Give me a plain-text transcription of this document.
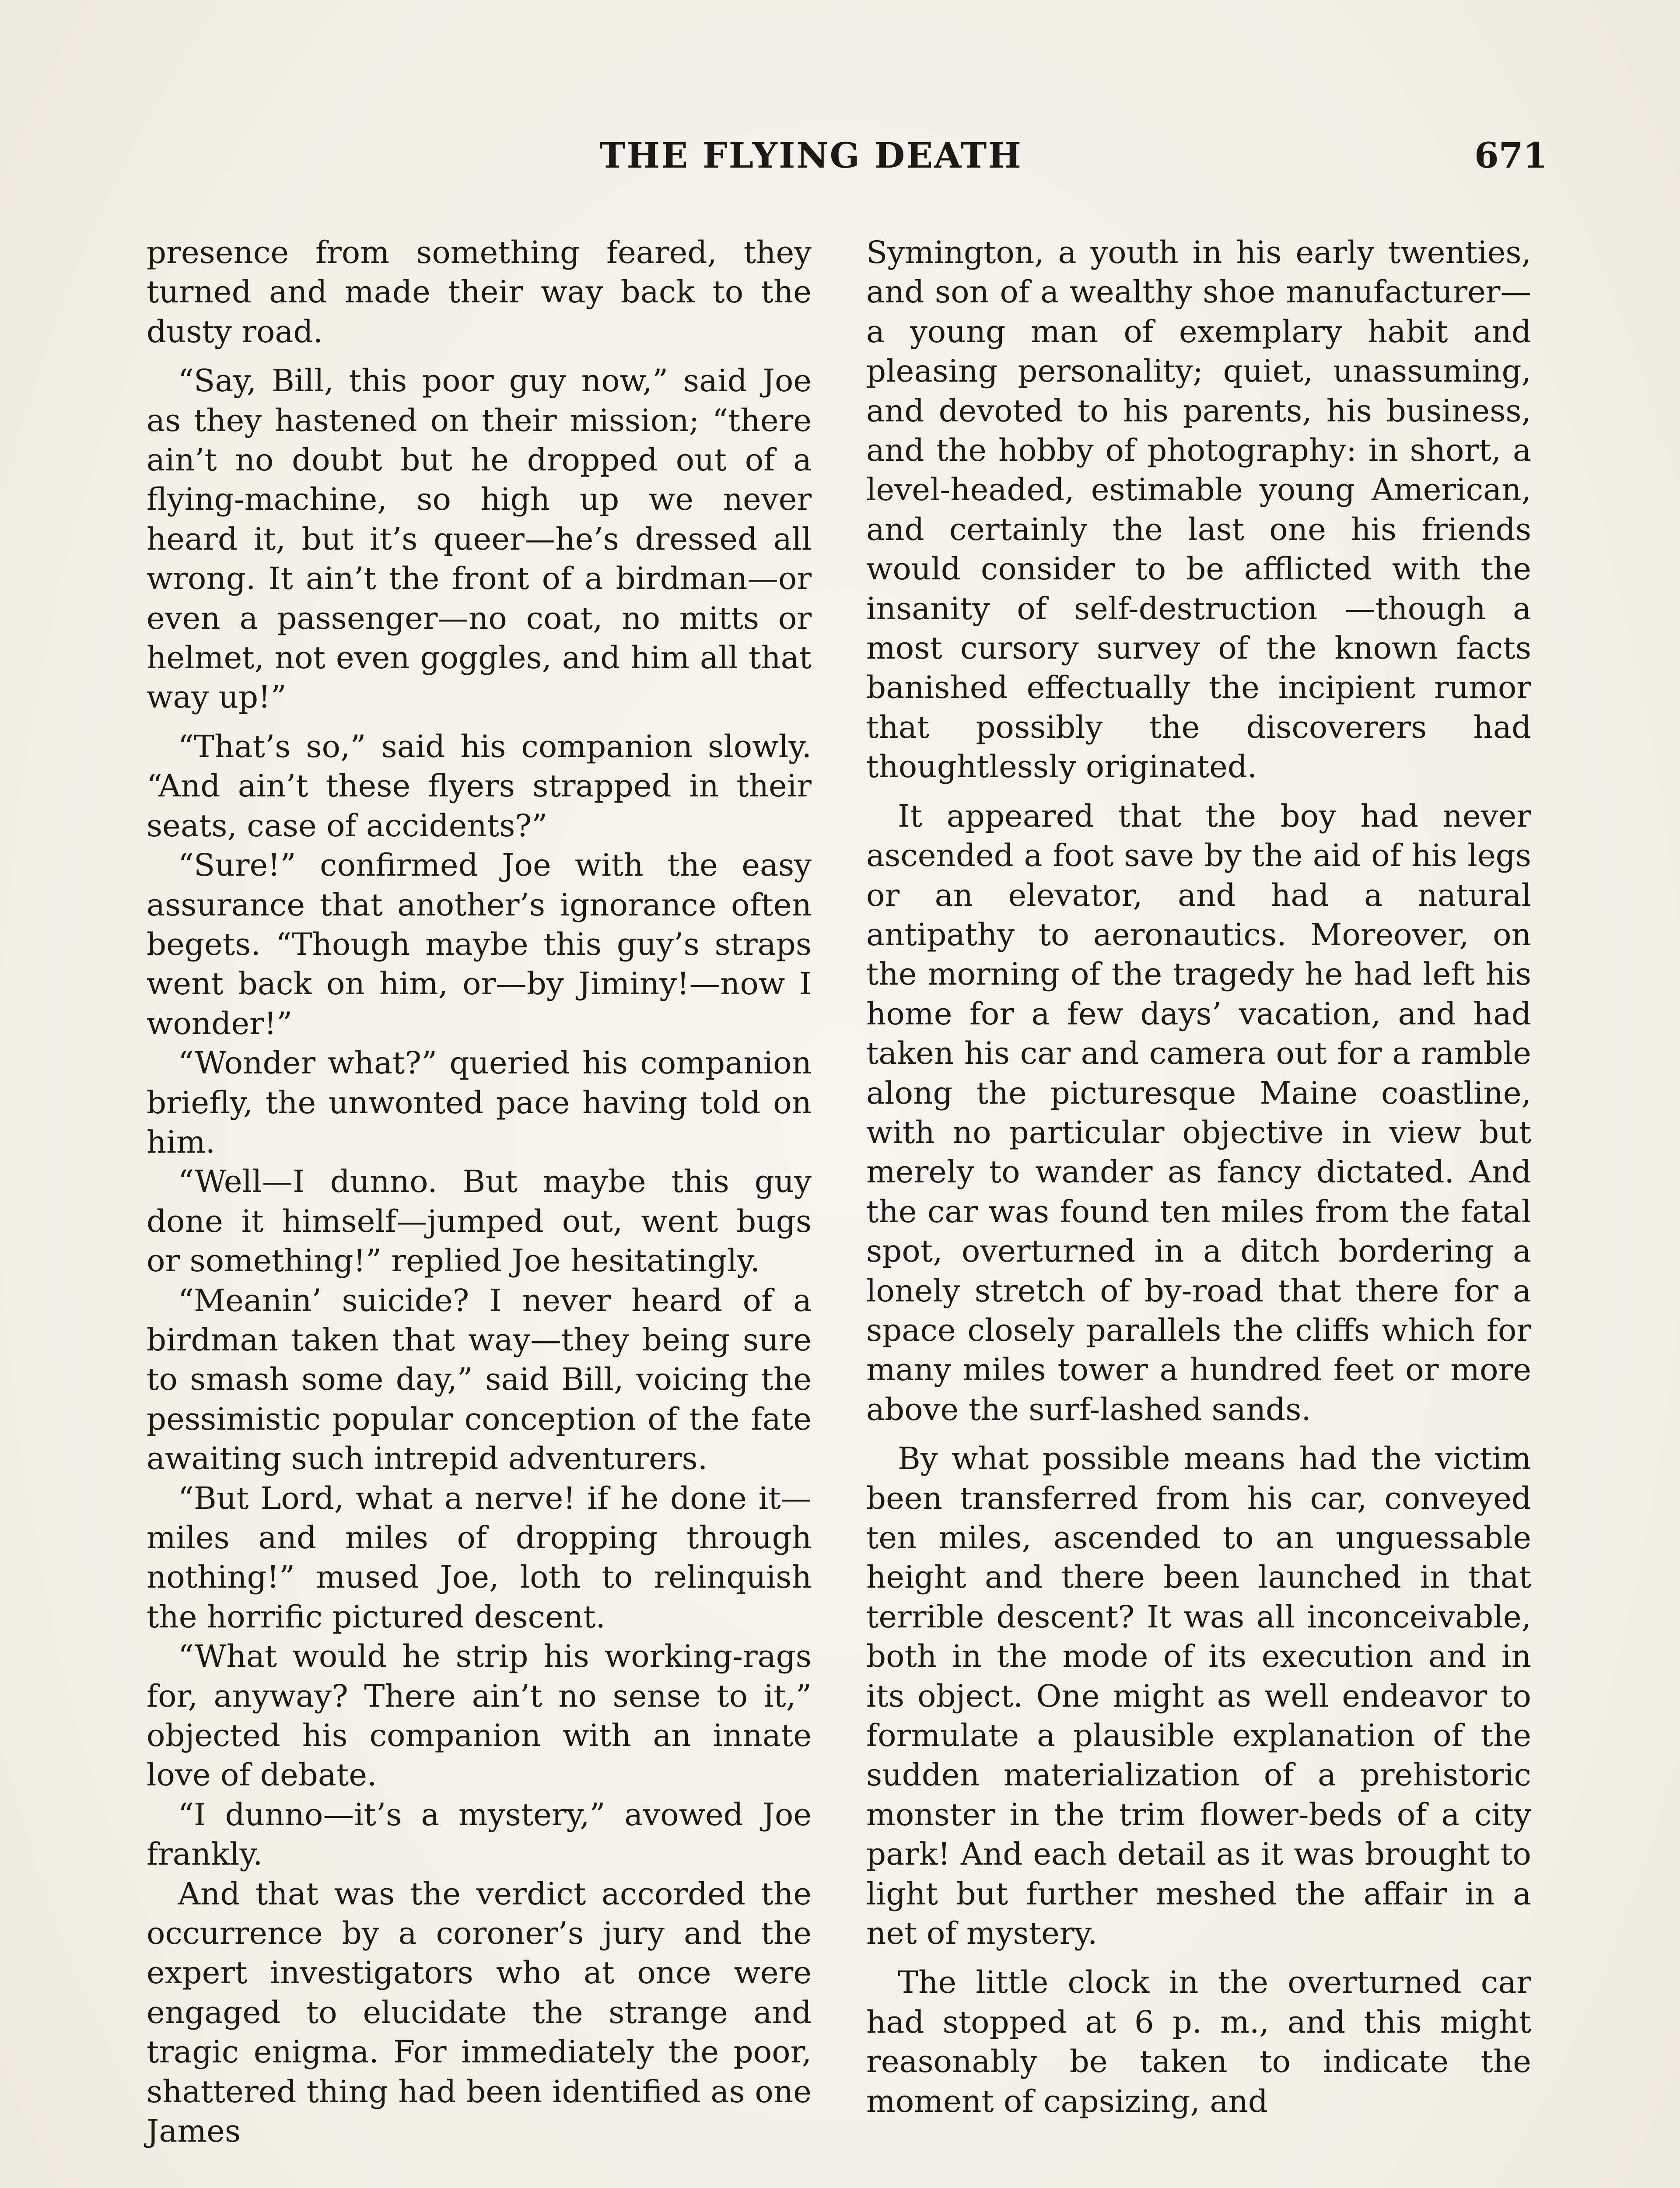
THE FLYING DEATH	671

presence from something feared, they turned and made their way back to the dusty road.

“Say, Bill, this poor guy now,” said Joe as they hastened on their mission; “there ain’t no doubt but he dropped out of a flying-machine, so high up we never heard it, but it’s queer—he’s dressed all wrong. It ain’t the front of a birdman—or even a passenger—no coat, no mitts or helmet, not even goggles, and him all that way up!”

“That’s so,” said his companion slowly. “And ain’t these flyers strapped in their seats, case of accidents?”

“Sure!” confirmed Joe with the easy assurance that another’s ignorance often begets. “Though maybe this guy’s straps went back on him, or—by Jiminy!—now I wonder!”

“Wonder what?” queried his companion briefly, the unwonted pace having told on him.

“Well—I dunno. But maybe this guy done it himself—jumped out, went bugs or something!” replied Joe hesitatingly.

“Meanin’ suicide? I never heard of a birdman taken that way—they being sure to smash some day,” said Bill, voicing the pessimistic popular conception of the fate awaiting such intrepid adventurers.

“But Lord, what a nerve! if he done it—miles and miles of dropping through nothing!” mused Joe, loth to relinquish the horrific pictured descent.

“What would he strip his working-rags for, anyway? There ain’t no sense to it,” objected his companion with an innate love of debate.

“I dunno—it’s a mystery,” avowed Joe frankly.

And that was the verdict accorded the occurrence by a coroner’s jury and the expert investigators who at once were engaged to elucidate the strange and tragic enigma. For immediately the poor, shattered thing had been identified as one James

Symington, a youth in his early twenties, and son of a wealthy shoe manufacturer—a young man of exemplary habit and pleasing personality; quiet, unassuming, and devoted to his parents, his business, and the hobby of photography: in short, a level-headed, estimable young American, and certainly the last one his friends would consider to be afflicted with the insanity of self-destruction —though a most cursory survey of the known facts banished effectually the incipient rumor that possibly the discoverers had thoughtlessly originated.

It appeared that the boy had never ascended a foot save by the aid of his legs or an elevator, and had a natural antipathy to aeronautics. Moreover, on the morning of the tragedy he had left his home for a few days’ vacation, and had taken his car and camera out for a ramble along the picturesque Maine coastline, with no particular objective in view but merely to wander as fancy dictated. And the car was found ten miles from the fatal spot, overturned in a ditch bordering a lonely stretch of by-road that there for a space closely parallels the cliffs which for many miles tower a hundred feet or more above the surf-lashed sands.

By what possible means had the victim been transferred from his car, conveyed ten miles, ascended to an unguessable height and there been launched in that terrible descent? It was all inconceivable, both in the mode of its execution and in its object. One might as well endeavor to formulate a plausible explanation of the sudden materialization of a prehistoric monster in the trim flower-beds of a city park! And each detail as it was brought to light but further meshed the affair in a net of mystery.

The little clock in the overturned car had stopped at 6 p. m., and this might reasonably be taken to indicate the moment of capsizing, and
